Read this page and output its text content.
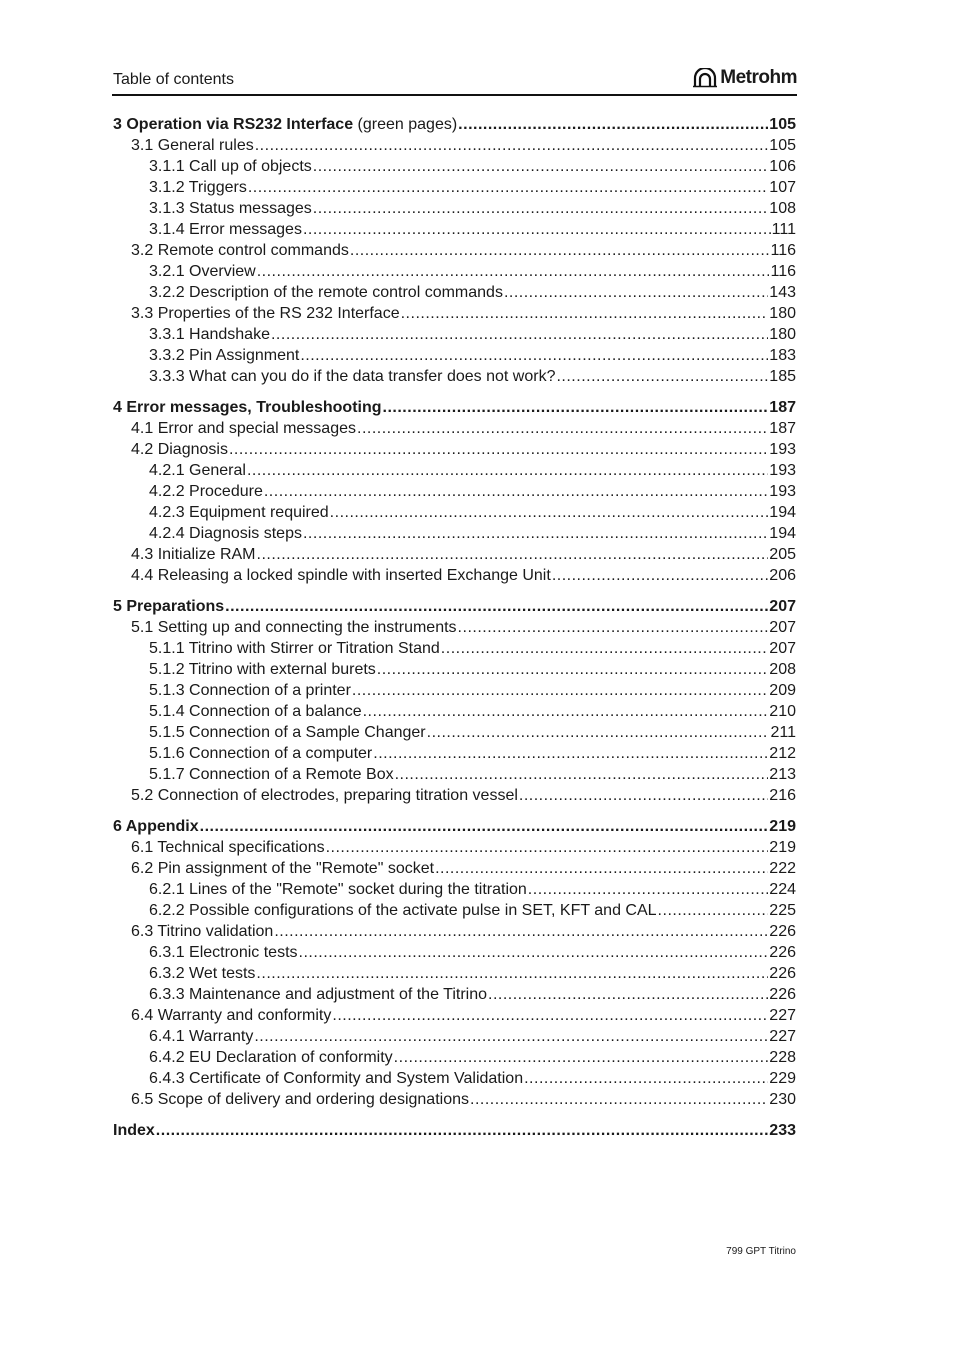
Table of contents	Metrohm
3 Operation via RS232 Interface (green pages) .....	105
3.1 General rules .....	105
3.1.1 Call up of objects .....	106
3.1.2 Triggers .....	107
3.1.3 Status messages .....	108
3.1.4 Error messages .....	111
3.2 Remote control commands .....	116
3.2.1 Overview .....	116
3.2.2 Description of the remote control commands .....	143
3.3 Properties of the RS 232 Interface .....	180
3.3.1 Handshake .....	180
3.3.2 Pin Assignment .....	183
3.3.3 What can you do if the data transfer does not work? .....	185
4 Error messages, Troubleshooting .....	187
4.1 Error and special messages .....	187
4.2 Diagnosis .....	193
4.2.1 General .....	193
4.2.2 Procedure .....	193
4.2.3 Equipment required .....	194
4.2.4 Diagnosis steps .....	194
4.3 Initialize RAM .....	205
4.4 Releasing a locked spindle with inserted Exchange Unit .....	206
5 Preparations .....	207
5.1 Setting up and connecting the instruments .....	207
5.1.1 Titrino with Stirrer or Titration Stand .....	207
5.1.2 Titrino with external burets .....	208
5.1.3 Connection of a printer .....	209
5.1.4 Connection of a balance .....	210
5.1.5 Connection of a Sample Changer .....	211
5.1.6 Connection of a computer .....	212
5.1.7 Connection of a Remote Box .....	213
5.2 Connection of electrodes, preparing titration vessel .....	216
6 Appendix .....	219
6.1 Technical specifications .....	219
6.2 Pin assignment of the "Remote" socket .....	222
6.2.1 Lines of the "Remote" socket during the titration .....	224
6.2.2 Possible configurations of the activate pulse in SET, KFT and CAL .....	225
6.3 Titrino validation .....	226
6.3.1 Electronic tests .....	226
6.3.2 Wet tests .....	226
6.3.3 Maintenance and adjustment of the Titrino .....	226
6.4 Warranty and conformity .....	227
6.4.1 Warranty .....	227
6.4.2 EU Declaration of conformity .....	228
6.4.3 Certificate of Conformity and System Validation .....	229
6.5 Scope of delivery and ordering designations .....	230
Index .....	233
799 GPT Titrino
